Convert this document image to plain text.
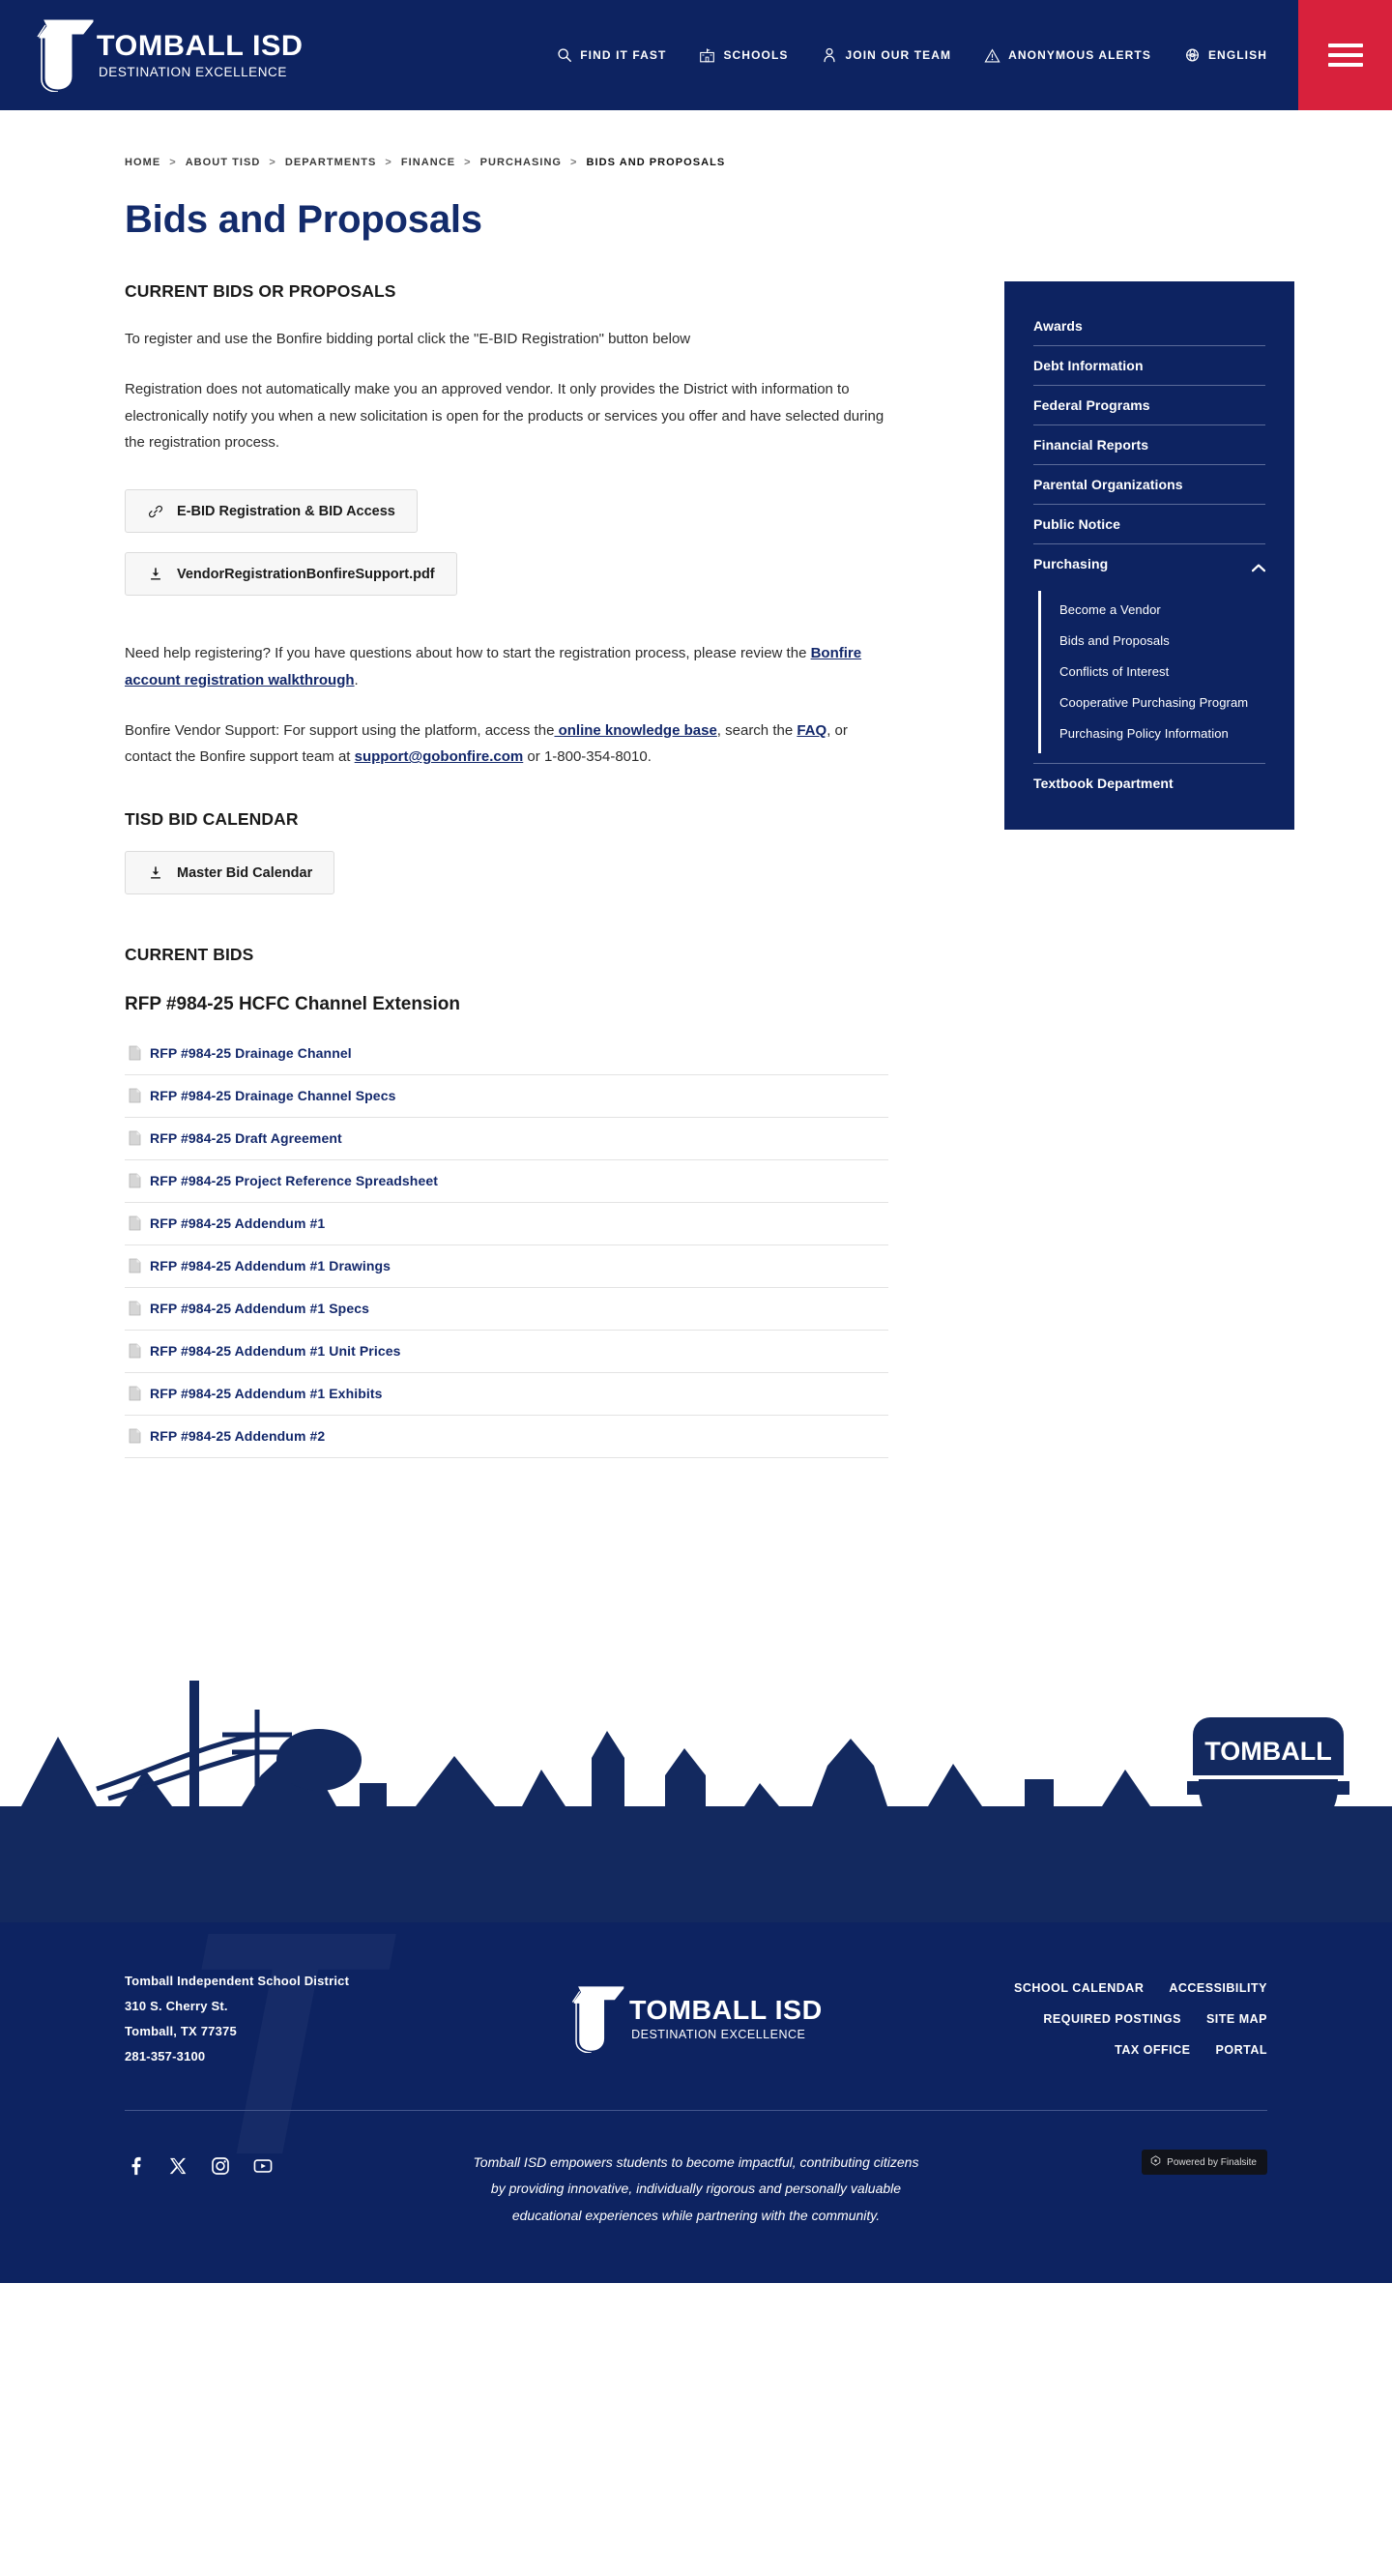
TOMBALL ISD
DESTINATION EXCELLENCE
FIND IT FAST	SCHOOLS	JOIN OUR TEAM	ANONYMOUS ALERTS	ENGLISH
HOME > ABOUT TISD > DEPARTMENTS > FINANCE > PURCHASING > BIDS AND PROPOSALS
Bids and Proposals
CURRENT BIDS OR PROPOSALS

To register and use the Bonfire bidding portal click the "E-BID Registration" button below

Registration does not automatically make you an approved vendor. It only provides the District with information to electronically notify you when a new solicitation is open for the products or services you offer and have selected during the registration process.

E-BID Registration & BID Access
VendorRegistrationBonfireSupport.pdf

Need help registering? If you have questions about how to start the registration process, please review the Bonfire account registration walkthrough.

Bonfire Vendor Support: For support using the platform, access the online knowledge base, search the FAQ, or contact the Bonfire support team at support@gobonfire.com or 1-800-354-8010.

TISD BID CALENDAR
Master Bid Calendar
CURRENT BIDS
RFP #984-25 HCFC Channel Extension
RFP #984-25 Drainage Channel
RFP #984-25 Drainage Channel Specs
RFP #984-25 Draft Agreement
RFP #984-25 Project Reference Spreadsheet
RFP #984-25 Addendum #1
RFP #984-25 Addendum #1 Drawings
RFP #984-25 Addendum #1 Specs
RFP #984-25 Addendum #1 Unit Prices
RFP #984-25 Addendum #1 Exhibits
RFP #984-25 Addendum #2
Awards
Debt Information
Federal Programs
Financial Reports
Parental Organizations
Public Notice
Purchasing
Become a Vendor
Bids and Proposals
Conflicts of Interest
Cooperative Purchasing Program
Purchasing Policy Information
Textbook Department
TOMBALL
Tomball Independent School District
310 S. Cherry St.
Tomball, TX 77375
281-357-3100
TOMBALL ISD
DESTINATION EXCELLENCE
SCHOOL CALENDAR ACCESSIBILITY
REQUIRED POSTINGS SITE MAP
TAX OFFICE PORTAL
Tomball ISD empowers students to become impactful, contributing citizens by providing innovative, individually rigorous and personally valuable educational experiences while partnering with the community.
Powered by Finalsite
